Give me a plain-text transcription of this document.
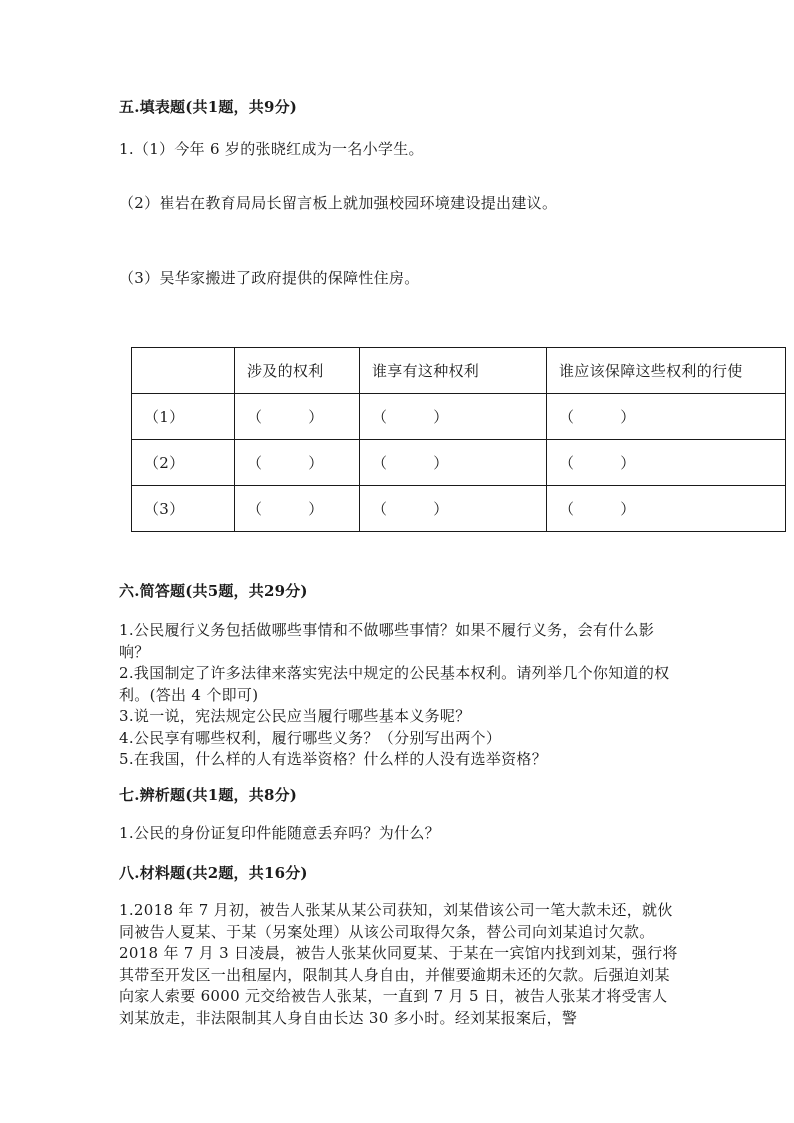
五.填表题(共1题，共9分)
1.（1）今年 6 岁的张晓红成为一名小学生。
（2）崔岩在教育局局长留言板上就加强校园环境建设提出建议。
（3）吴华家搬进了政府提供的保障性住房。
	涉及的权利	谁享有这种权利	谁应该保障这些权利的行使
（1）	（　　　）	（　　　）	（　　　）
（2）	（　　　）	（　　　）	（　　　）
（3）	（　　　）	（　　　）	（　　　）
六.简答题(共5题，共29分)
1.公民履行义务包括做哪些事情和不做哪些事情？如果不履行义务，会有什么影响？
2.我国制定了许多法律来落实宪法中规定的公民基本权利。请列举几个你知道的权利。(答出 4 个即可)
3.说一说，宪法规定公民应当履行哪些基本义务呢？
4.公民享有哪些权利，履行哪些义务？（分别写出两个）
5.在我国，什么样的人有选举资格？什么样的人没有选举资格？
七.辨析题(共1题，共8分)
1.公民的身份证复印件能随意丢弃吗？为什么？
八.材料题(共2题，共16分)
1.2018 年 7 月初，被告人张某从某公司获知，刘某借该公司一笔大款未还，就伙同被告人夏某、于某（另案处理）从该公司取得欠条，替公司向刘某追讨欠款。2018 年 7 月 3 日凌晨，被告人张某伙同夏某、于某在一宾馆内找到刘某，强行将其带至开发区一出租屋内，限制其人身自由，并催要逾期未还的欠款。后强迫刘某向家人索要 6000 元交给被告人张某，一直到 7 月 5 日，被告人张某才将受害人刘某放走，非法限制其人身自由长达 30 多小时。经刘某报案后，警
